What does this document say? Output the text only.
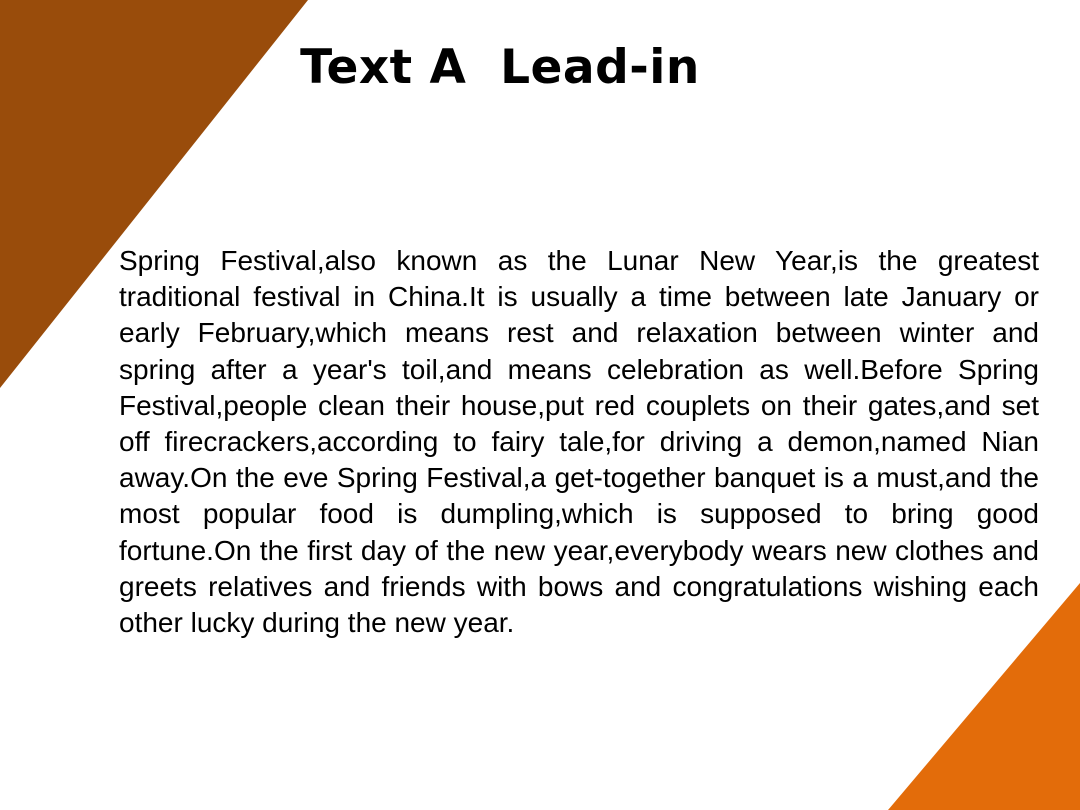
Text A  Lead-in

Spring Festival,also known as the Lunar New Year,is the greatest traditional festival in China.It is usually a time between late January or early February,which means rest and relaxation between winter and spring after a year's toil,and means celebration as well.Before Spring Festival,people clean their house,put red couplets on their gates,and set off firecrackers,according to fairy tale,for driving a demon,named Nian away.On the eve Spring Festival,a get-together banquet is a must,and the most popular food is dumpling,which is supposed to bring good fortune.On the first day of the new year,everybody wears new clothes and greets relatives and friends with bows and congratulations wishing each other lucky during the new year.
